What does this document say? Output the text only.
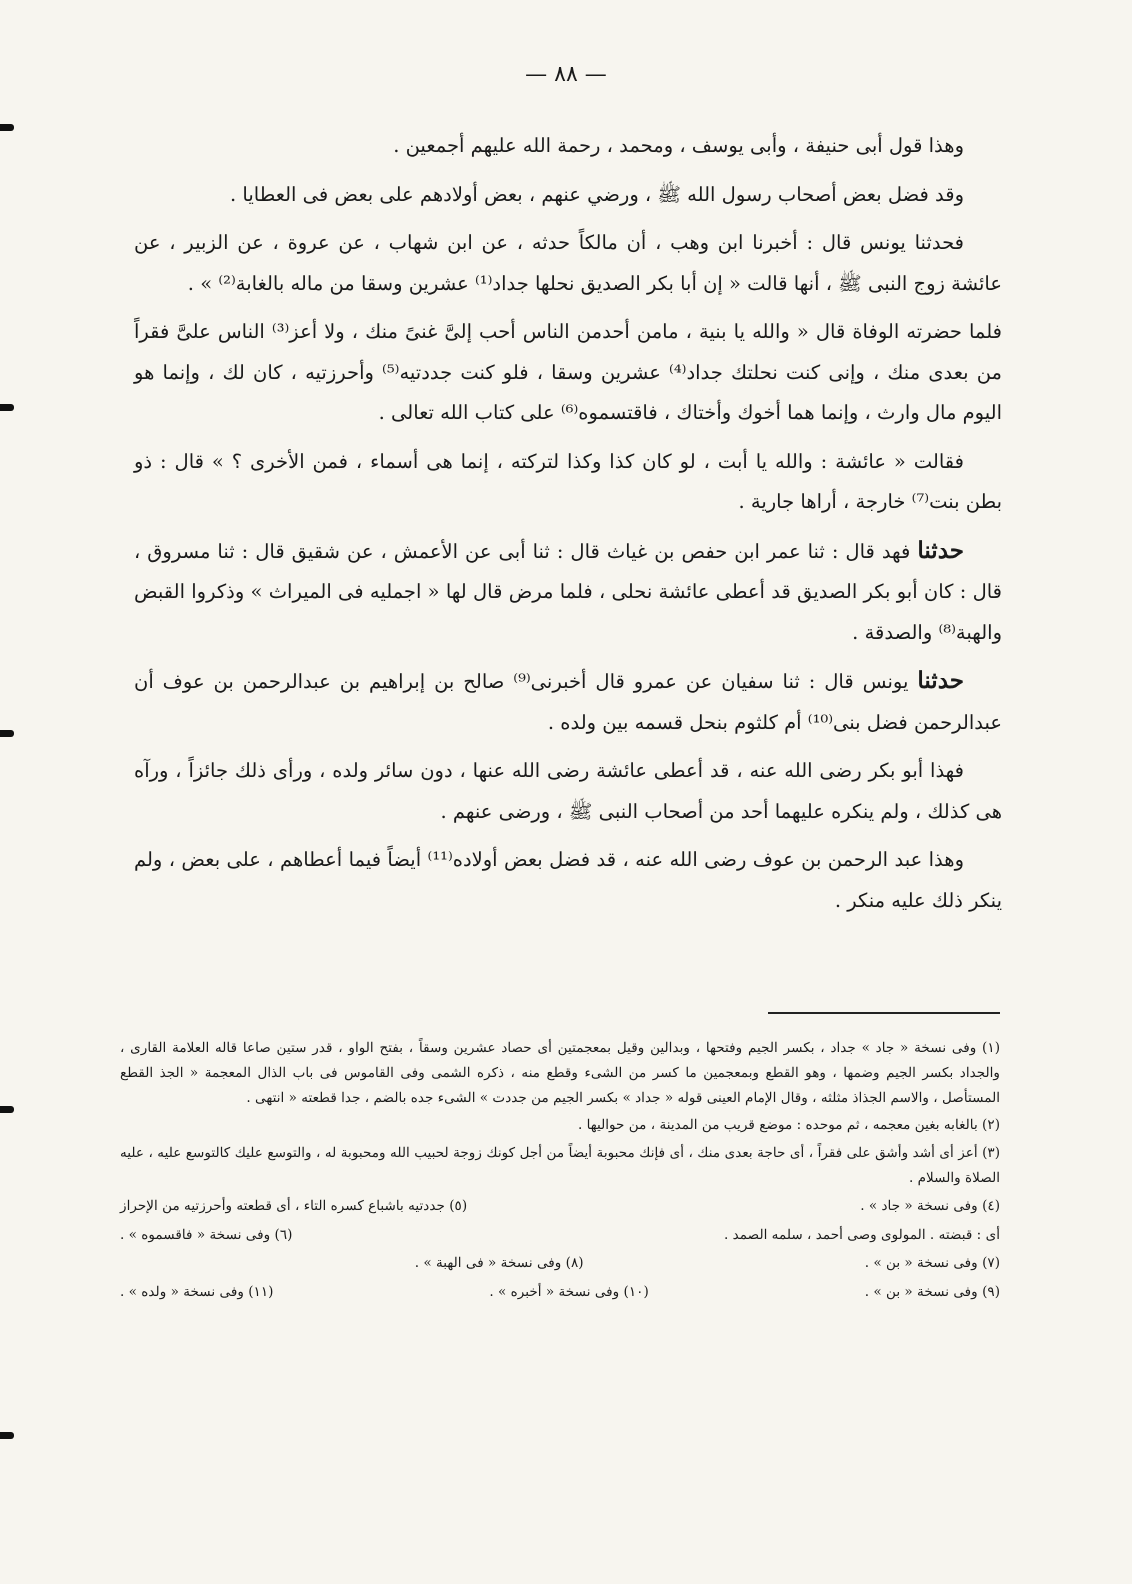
— ٨٨ —

وهذا قول أبى حنيفة ، وأبى يوسف ، ومحمد ، رحمة الله عليهم أجمعين .

وقد فضل بعض أصحاب رسول الله ﷺ ، ورضي عنهم ، بعض أولادهم على بعض فى العطايا .

فحدثنا يونس قال : أخبرنا ابن وهب ، أن مالكاً حدثه ، عن ابن شهاب ، عن عروة ، عن الزبير ، عن عائشة زوج النبى ﷺ ، أنها قالت « إن أبا بكر الصديق نحلها جداد⁽¹⁾ عشرين وسقا من ماله بالغابة⁽²⁾ » .

فلما حضرته الوفاة قال « والله يا بنية ، مامن أحدمن الناس أحب إلىَّ غنىً منك ، ولا أعز⁽³⁾ الناس علىَّ فقراً من بعدى منك ، وإنى كنت نحلتك جداد⁽⁴⁾ عشرين وسقا ، فلو كنت جددتيه⁽⁵⁾ وأحرزتيه ، كان لك ، وإنما هو اليوم مال وارث ، وإنما هما أخوك وأختاك ، فاقتسموه⁽⁶⁾ على كتاب الله تعالى .

فقالت « عائشة : والله يا أبت ، لو كان كذا وكذا لتركته ، إنما هى أسماء ، فمن الأخرى ؟ » قال : ذو بطن بنت⁽⁷⁾ خارجة ، أراها جارية .

حدثنا فهد قال : ثنا عمر ابن حفص بن غياث قال : ثنا أبى عن الأعمش ، عن شقيق قال : ثنا مسروق ، قال : كان أبو بكر الصديق قد أعطى عائشة نحلى ، فلما مرض قال لها « اجمليه فى الميراث » وذكروا القبض والهبة⁽⁸⁾ والصدقة .

حدثنا يونس قال : ثنا سفيان عن عمرو قال أخبرنى⁽⁹⁾ صالح بن إبراهيم بن عبدالرحمن بن عوف أن عبدالرحمن فضل بنى⁽¹⁰⁾ أم كلثوم بنحل قسمه بين ولده .

فهذا أبو بكر رضى الله عنه ، قد أعطى عائشة رضى الله عنها ، دون سائر ولده ، ورأى ذلك جائزاً ، ورآه هى كذلك ، ولم ينكره عليهما أحد من أصحاب النبى ﷺ ، ورضى عنهم .

وهذا عبد الرحمن بن عوف رضى الله عنه ، قد فضل بعض أولاده⁽¹¹⁾ أيضاً فيما أعطاهم ، على بعض ، ولم ينكر ذلك عليه منكر .

(١) وفى نسخة « جاد » جداد ، بكسر الجيم وفتحها ، وبدالين وقيل بمعجمتين أى حصاد عشرين وسقاً ، بفتح الواو ، قدر ستين صاعا قاله العلامة القارى ، والجداد بكسر الجيم وضمها ، وهو القطع وبمعجمين ما كسر من الشىء وقطع منه ، ذكره الشمى وفى القاموس فى باب الذال المعجمة « الجذ القطع المستأصل ، والاسم الجذاذ مثلثه ، وقال الإمام العينى قوله « جداد » بكسر الجيم من جددت » الشىء جده بالضم ، جدا قطعته « انتهى .

(٢) بالغابه بغين معجمه ، ثم موحده : موضع قريب من المدينة ، من حواليها .

(٣) أعز أى أشد وأشق على فقراً ، أى حاجة بعدى منك ، أى فإنك محبوبة أيضاً من أجل كونك زوجة لحبيب الله ومحبوبة له ، والتوسع عليك كالتوسع عليه ، عليه الصلاة والسلام .

(٤) وفى نسخة « جاد » .
(٥) جددتيه باشباع كسره التاء ، أى قطعته وأحرزتيه من الإحراز
أى : قبضته . المولوى وصى أحمد ، سلمه الصمد .
(٦) وفى نسخة « فاقسموه » .
(٧) وفى نسخة « بن » .
(٨) وفى نسخة « فى الهبة » .
(٩) وفى نسخة « بن » .
(١٠) وفى نسخة « أخبره » .
(١١) وفى نسخة « ولده » .
